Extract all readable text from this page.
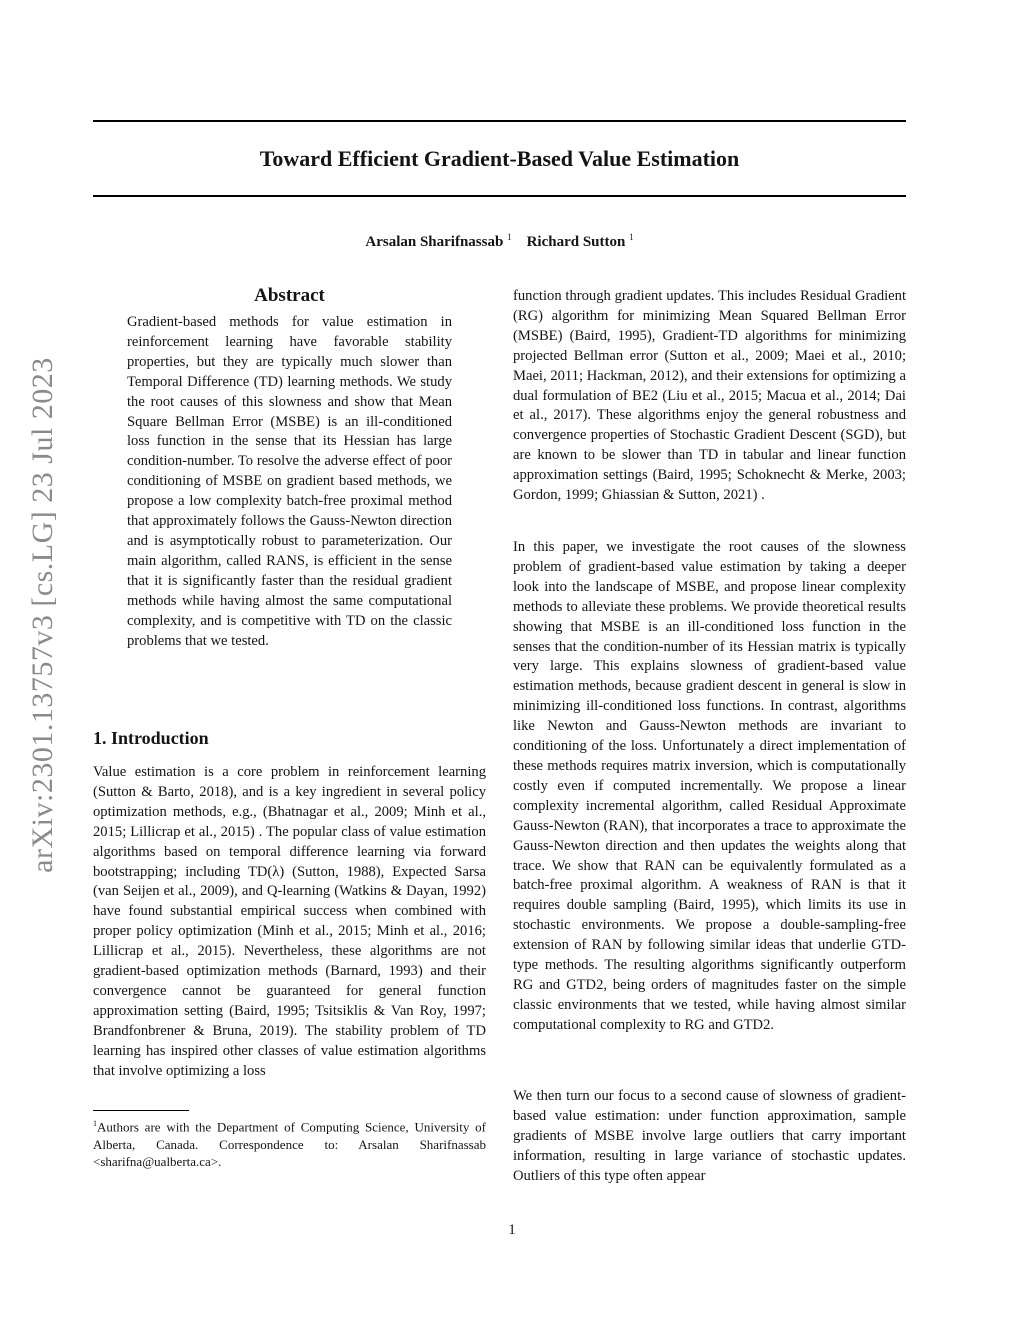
Toward Efficient Gradient-Based Value Estimation
Arsalan Sharifnassab $^1$ Richard Sutton $^1$
arXiv:2301.13757v3 [cs.LG] 23 Jul 2023
Abstract

Gradient-based methods for value estimation in reinforcement learning have favorable stability properties, but they are typically much slower than Temporal Difference (TD) learning methods. We study the root causes of this slowness and show that Mean Square Bellman Error (MSBE) is an ill-conditioned loss function in the sense that its Hessian has large condition-number. To resolve the adverse effect of poor conditioning of MSBE on gradient based methods, we propose a low complexity batch-free proximal method that approximately follows the Gauss-Newton direction and is asymptotically robust to parameterization. Our main algorithm, called RANS, is efficient in the sense that it is significantly faster than the residual gradient methods while having almost the same computational complexity, and is competitive with TD on the classic problems that we tested.

1. Introduction

Value estimation is a core problem in reinforcement learning (Sutton & Barto, 2018), and is a key ingredient in several policy optimization methods, e.g., (Bhatnagar et al., 2009; Minh et al., 2015; Lillicrap et al., 2015) . The popular class of value estimation algorithms based on temporal difference learning via forward bootstrapping; including TD(λ) (Sutton, 1988), Expected Sarsa (van Seijen et al., 2009), and Q-learning (Watkins & Dayan, 1992) have found substantial empirical success when combined with proper policy optimization (Minh et al., 2015; Minh et al., 2016; Lillicrap et al., 2015). Nevertheless, these algorithms are not gradient-based optimization methods (Barnard, 1993) and their convergence cannot be guaranteed for general function approximation setting (Baird, 1995; Tsitsiklis & Van Roy, 1997; Brandfonbrener & Bruna, 2019). The stability problem of TD learning has inspired other classes of value estimation algorithms that involve optimizing a loss

$^1$Authors are with the Department of Computing Science, University of Alberta, Canada. Correspondence to: Arsalan Sharifnassab <sharifna@ualberta.ca>.

function through gradient updates. This includes Residual Gradient (RG) algorithm for minimizing Mean Squared Bellman Error (MSBE) (Baird, 1995), Gradient-TD algorithms for minimizing projected Bellman error (Sutton et al., 2009; Maei et al., 2010; Maei, 2011; Hackman, 2012), and their extensions for optimizing a dual formulation of BE2 (Liu et al., 2015; Macua et al., 2014; Dai et al., 2017). These algorithms enjoy the general robustness and convergence properties of Stochastic Gradient Descent (SGD), but are known to be slower than TD in tabular and linear function approximation settings (Baird, 1995; Schoknecht & Merke, 2003; Gordon, 1999; Ghiassian & Sutton, 2021) .

In this paper, we investigate the root causes of the slowness problem of gradient-based value estimation by taking a deeper look into the landscape of MSBE, and propose linear complexity methods to alleviate these problems. We provide theoretical results showing that MSBE is an ill-conditioned loss function in the senses that the condition-number of its Hessian matrix is typically very large. This explains slowness of gradient-based value estimation methods, because gradient descent in general is slow in minimizing ill-conditioned loss functions. In contrast, algorithms like Newton and Gauss-Newton methods are invariant to conditioning of the loss. Unfortunately a direct implementation of these methods requires matrix inversion, which is computationally costly even if computed incrementally. We propose a linear complexity incremental algorithm, called Residual Approximate Gauss-Newton (RAN), that incorporates a trace to approximate the Gauss-Newton direction and then updates the weights along that trace. We show that RAN can be equivalently formulated as a batch-free proximal algorithm. A weakness of RAN is that it requires double sampling (Baird, 1995), which limits its use in stochastic environments. We propose a double-sampling-free extension of RAN by following similar ideas that underlie GTD-type methods. The resulting algorithms significantly outperform RG and GTD2, being orders of magnitudes faster on the simple classic environments that we tested, while having almost similar computational complexity to RG and GTD2.

We then turn our focus to a second cause of slowness of gradient-based value estimation: under function approximation, sample gradients of MSBE involve large outliers that carry important information, resulting in large variance of stochastic updates. Outliers of this type often appear

1
